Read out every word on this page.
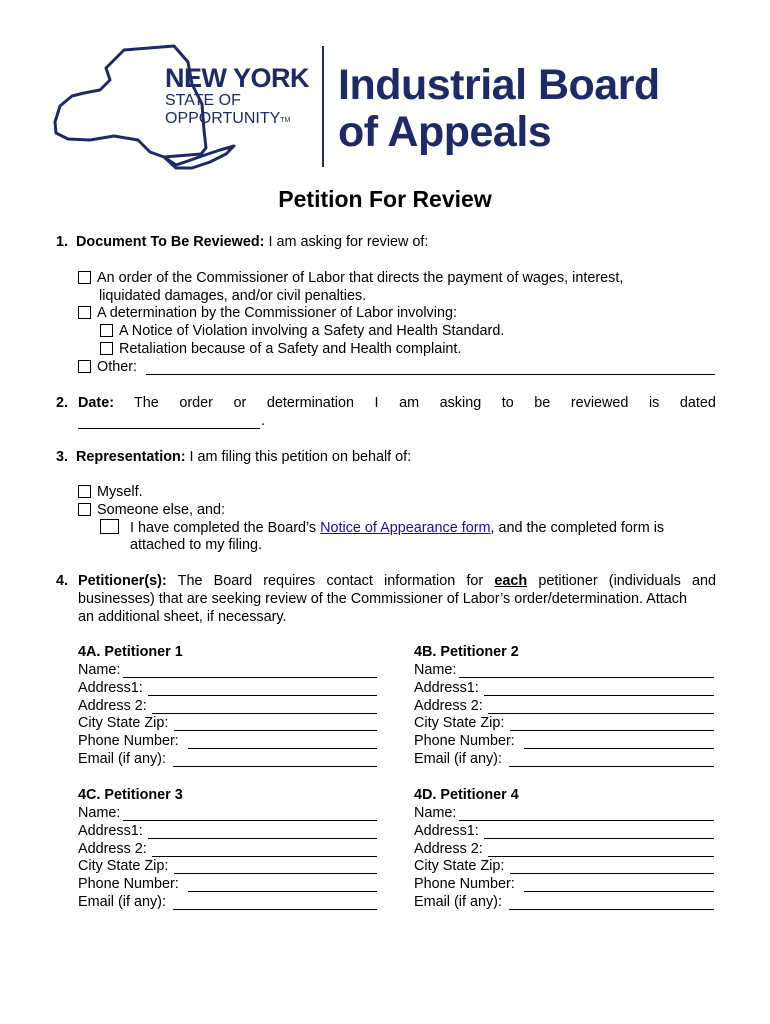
NEW YORK
STATE OF
OPPORTUNITYTM
Industrial Board
of Appeals
Petition For Review
1. Document To Be Reviewed: I am asking for review of:
An order of the Commissioner of Labor that directs the payment of wages, interest,
liquidated damages, and/or civil penalties.
A determination by the Commissioner of Labor involving:
A Notice of Violation involving a Safety and Health Standard.
Retaliation because of a Safety and Health complaint.
Other:
2. Date: The order or determination I am asking to be reviewed is dated
.
3. Representation: I am filing this petition on behalf of:
Myself.
Someone else, and:
I have completed the Board’s Notice of Appearance form, and the completed form is
attached to my filing.
4. Petitioner(s): The Board requires contact information for each petitioner (individuals and
businesses) that are seeking review of the Commissioner of Labor’s order/determination. Attach
an additional sheet, if necessary.
4A. Petitioner 1
Name:
Address1:
Address 2:
City State Zip:
Phone Number:
Email (if any):
4B. Petitioner 2
Name:
Address1:
Address 2:
City State Zip:
Phone Number:
Email (if any):
4C. Petitioner 3
Name:
Address1:
Address 2:
City State Zip:
Phone Number:
Email (if any):
4D. Petitioner 4
Name:
Address1:
Address 2:
City State Zip:
Phone Number:
Email (if any):
